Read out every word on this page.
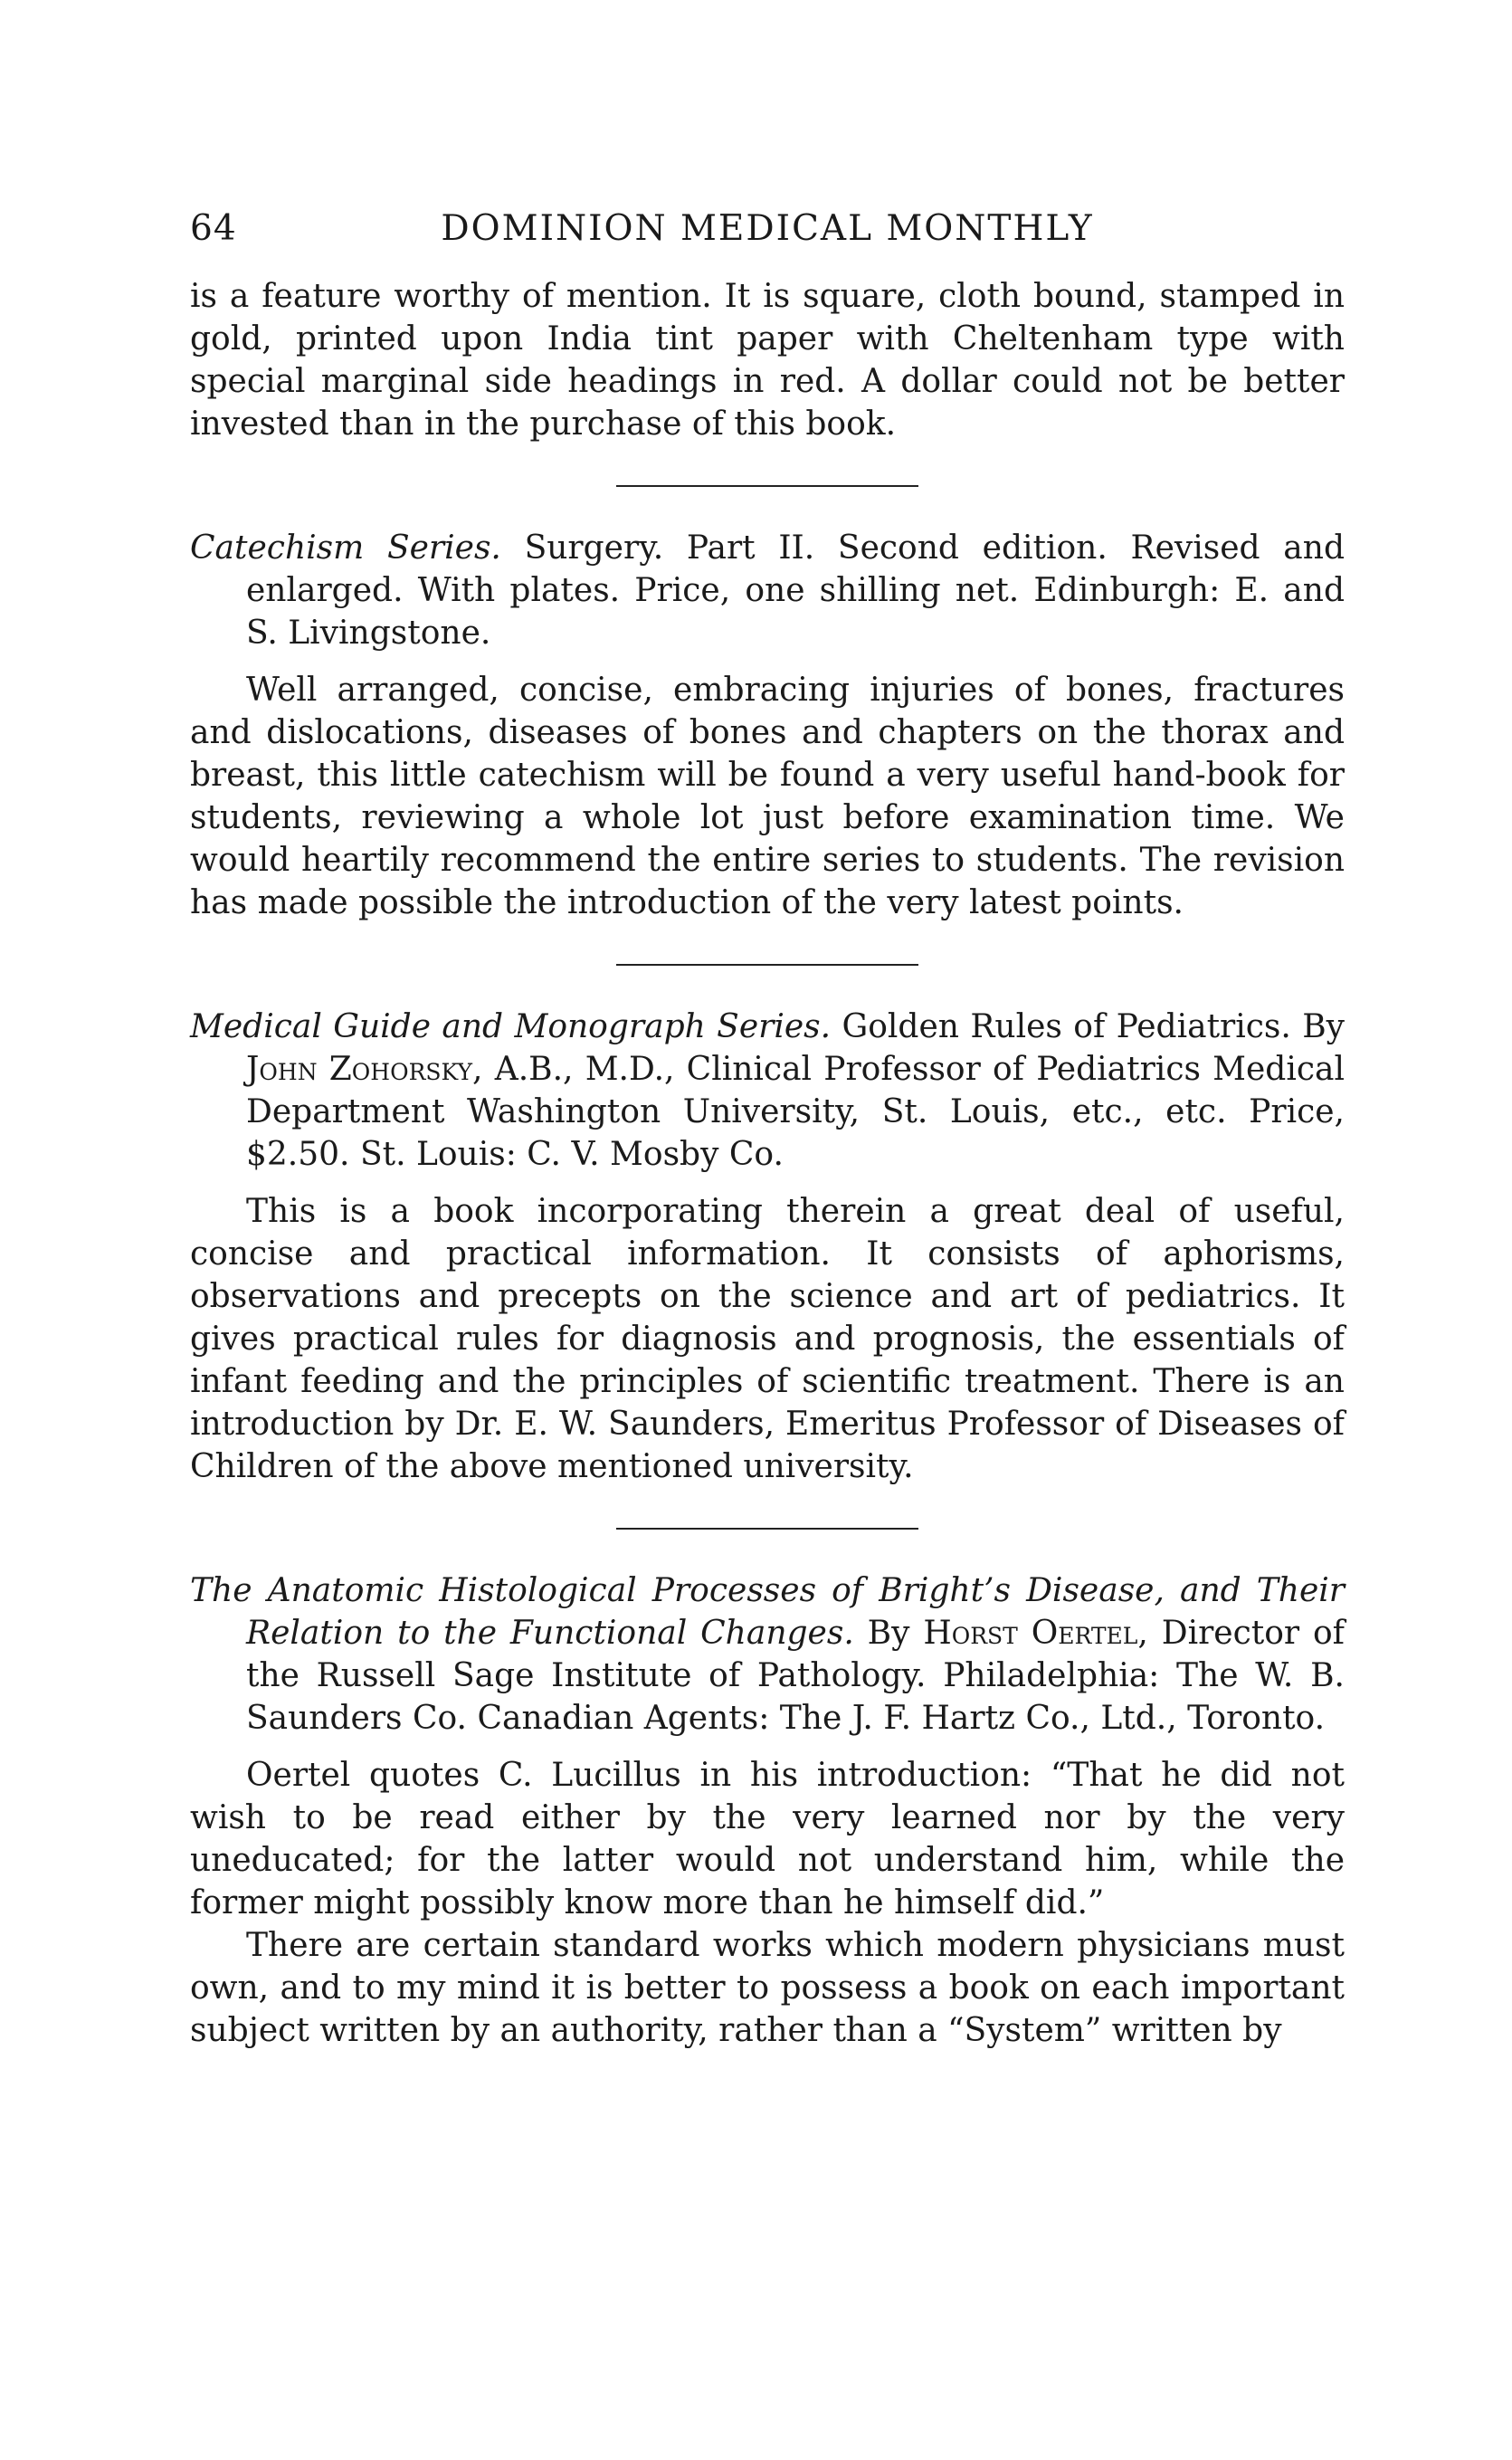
64	DOMINION MEDICAL MONTHLY

is a feature worthy of mention. It is square, cloth bound, stamped in gold, printed upon India tint paper with Cheltenham type with special marginal side headings in red. A dollar could not be better invested than in the purchase of this book.

Catechism Series. Surgery. Part II. Second edition. Revised and enlarged. With plates. Price, one shilling net. Edinburgh: E. and S. Livingstone.

Well arranged, concise, embracing injuries of bones, fractures and dislocations, diseases of bones and chapters on the thorax and breast, this little catechism will be found a very useful hand-book for students, reviewing a whole lot just before examination time. We would heartily recommend the entire series to students. The revision has made possible the introduction of the very latest points.

Medical Guide and Monograph Series. Golden Rules of Pediatrics. By John Zohorsky, A.B., M.D., Clinical Professor of Pediatrics Medical Department Washington University, St. Louis, etc., etc. Price, $2.50. St. Louis: C. V. Mosby Co.

This is a book incorporating therein a great deal of useful, concise and practical information. It consists of aphorisms, observations and precepts on the science and art of pediatrics. It gives practical rules for diagnosis and prognosis, the essentials of infant feeding and the principles of scientific treatment. There is an introduction by Dr. E. W. Saunders, Emeritus Professor of Diseases of Children of the above mentioned university.

The Anatomic Histological Processes of Bright’s Disease, and Their Relation to the Functional Changes. By Horst Oertel, Director of the Russell Sage Institute of Pathology. Philadelphia: The W. B. Saunders Co. Canadian Agents: The J. F. Hartz Co., Ltd., Toronto.

Oertel quotes C. Lucillus in his introduction: “That he did not wish to be read either by the very learned nor by the very uneducated; for the latter would not understand him, while the former might possibly know more than he himself did.”

There are certain standard works which modern physicians must own, and to my mind it is better to possess a book on each important subject written by an authority, rather than a “System” written by
